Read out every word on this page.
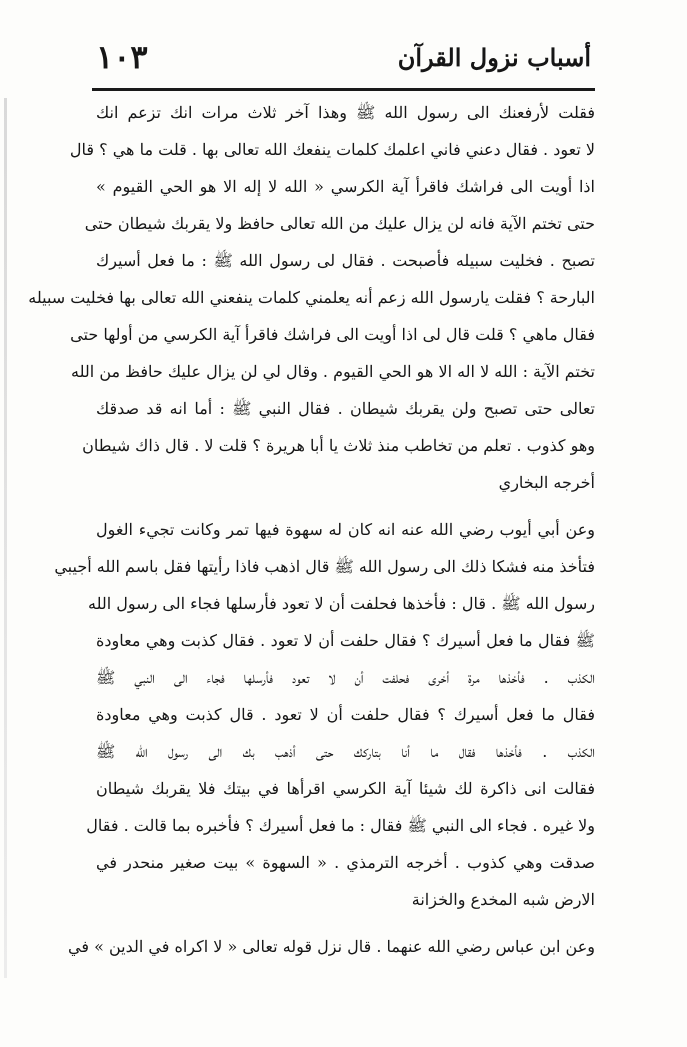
أسباب نزول القرآن
١٠٣
فقلت لأرفعنك الى رسول الله ﷺ وهذا آخر ثلاث مرات انك تزعم انك
لا تعود . فقال دعني فاني اعلمك كلمات ينفعك الله تعالى بها . قلت ما هي ؟ قال
اذا أويت الى فراشك فاقرأ آية الكرسي « الله لا إله الا هو الحي القيوم »
حتى تختم الآية فانه لن يزال عليك من الله تعالى حافظ ولا يقربك شيطان حتى
تصبح . فخليت سبيله فأصبحت . فقال لى رسول الله ﷺ : ما فعل أسيرك
البارحة ؟ فقلت يارسول الله زعم أنه يعلمني كلمات ينفعني الله تعالى بها فخليت سبيله
فقال ماهي ؟ قلت قال لى اذا أويت الى فراشك فاقرأ آية الكرسي من أولها حتى
تختم الآية : الله لا اله الا هو الحي القيوم . وقال لي لن يزال عليك حافظ من الله
تعالى حتى تصبح ولن يقربك شيطان . فقال النبي ﷺ : أما انه قد صدقك
وهو كذوب . تعلم من تخاطب منذ ثلاث يا أبا هريرة ؟ قلت لا . قال ذاك شيطان
أخرجه البخاري
وعن أبي أيوب رضي الله عنه انه كان له سهوة فيها تمر وكانت تجيء الغول
فتأخذ منه فشكا ذلك الى رسول الله ﷺ قال اذهب فاذا رأيتها فقل باسم الله أجيبي
رسول الله ﷺ . قال : فأخذها فحلفت أن لا تعود فأرسلها فجاء الى رسول الله
ﷺ فقال ما فعل أسيرك ؟ فقال حلفت أن لا تعود . فقال كذبت وهي معاودة
الكذب . فأخذها مرة أخرى فحلفت أن لا تعود فأرسلها فجاء الى النبي ﷺ
فقال ما فعل أسيرك ؟ فقال حلفت أن لا تعود . قال كذبت وهي معاودة
الكذب . فأخذها فقال ما أنا بتاركك حتى أذهب بك الى رسول الله ﷺ
فقالت انى ذاكرة لك شيئا آية الكرسي اقرأها في بيتك فلا يقربك شيطان
ولا غيره . فجاء الى النبي ﷺ فقال : ما فعل أسيرك ؟ فأخبره بما قالت . فقال
صدقت وهي كذوب . أخرجه الترمذي . « السهوة » بيت صغير منحدر في
الارض شبه المخدع والخزانة
وعن ابن عباس رضي الله عنهما . قال نزل قوله تعالى « لا اكراه في الدين » في
